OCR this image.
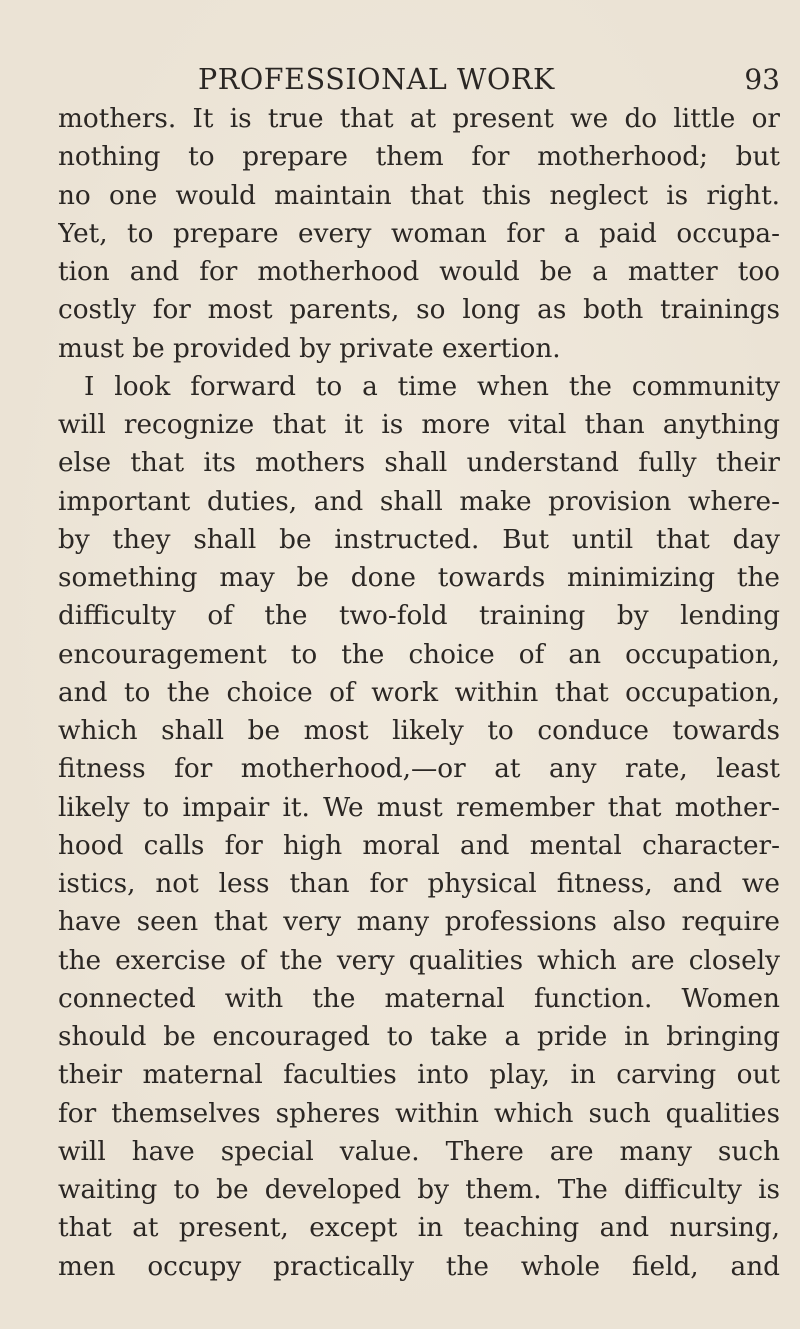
PROFESSIONAL WORK	93
mothers. It is true that at present we do little or
nothing to prepare them for motherhood; but
no one would maintain that this neglect is right.
Yet, to prepare every woman for a paid occupa-
tion and for motherhood would be a matter too
costly for most parents, so long as both trainings
must be provided by private exertion.
I look forward to a time when the community
will recognize that it is more vital than anything
else that its mothers shall understand fully their
important duties, and shall make provision where-
by they shall be instructed. But until that day
something may be done towards minimizing the
difficulty of the two-fold training by lending
encouragement to the choice of an occupation,
and to the choice of work within that occupation,
which shall be most likely to conduce towards
fitness for motherhood,—or at any rate, least
likely to impair it. We must remember that mother-
hood calls for high moral and mental character-
istics, not less than for physical fitness, and we
have seen that very many professions also require
the exercise of the very qualities which are closely
connected with the maternal function. Women
should be encouraged to take a pride in bringing
their maternal faculties into play, in carving out
for themselves spheres within which such qualities
will have special value. There are many such
waiting to be developed by them. The difficulty is
that at present, except in teaching and nursing,
men occupy practically the whole field, and
